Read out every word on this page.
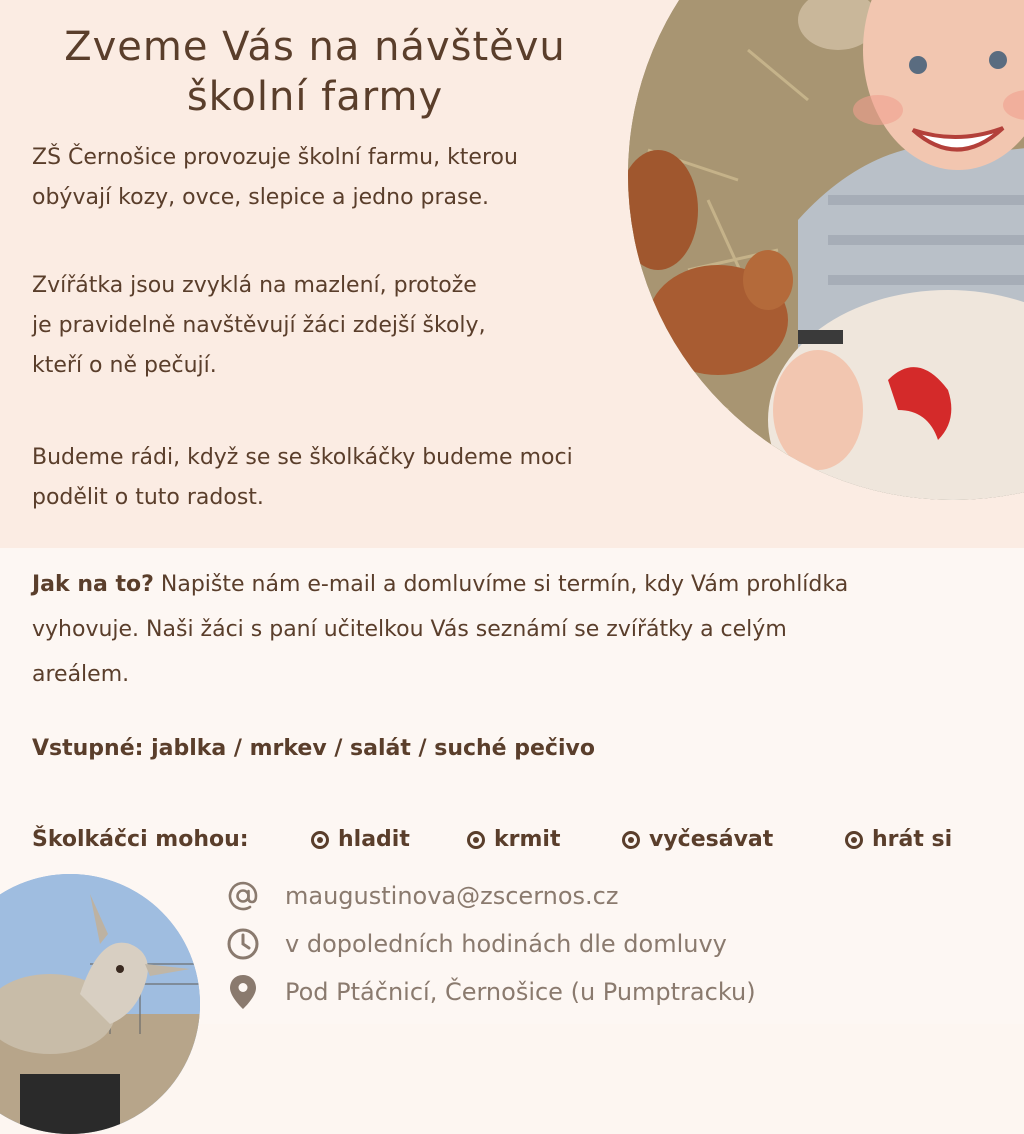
Zveme Vás na návštěvu
školní farmy

ZŠ Černošice provozuje školní farmu, kterou
obývají kozy, ovce, slepice a jedno prase.

Zvířátka jsou zvyklá na mazlení, protože
je pravidelně navštěvují žáci zdejší školy,
kteří o ně pečují.

Budeme rádi, když se se školkáčky budeme moci
podělit o tuto radost.

Jak na to? Napište nám e-mail a domluvíme si termín, kdy Vám prohlídka
vyhovuje. Naši žáci s paní učitelkou Vás seznámí se zvířátky a celým
areálem.

Vstupné: jablka / mrkev / salát / suché pečivo

Školkáčci mohou:	hladit	krmit	vyčesávat	hrát si
maugustinova@zscernos.cz
v dopoledních hodinách dle domluvy
Pod Ptáčnicí, Černošice (u Pumptracku)
